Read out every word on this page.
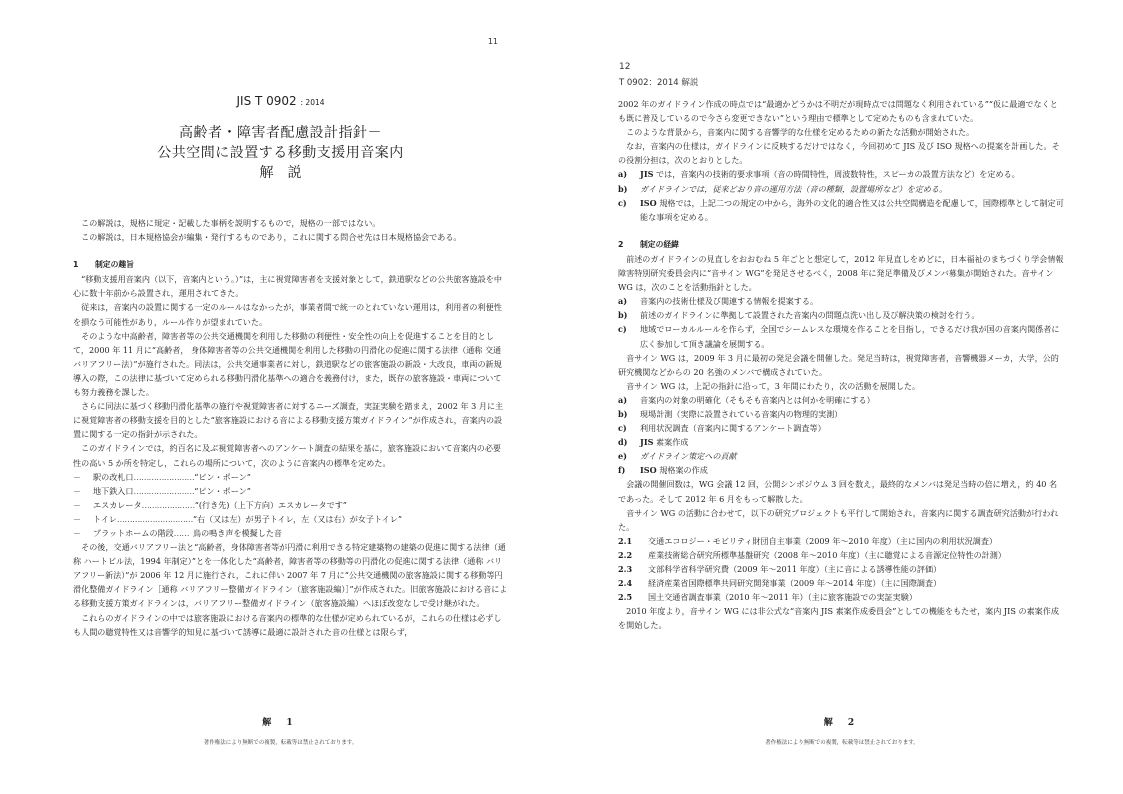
11
JIS T 0902 : 2014
高齢者・障害者配慮設計指針－
公共空間に設置する移動支援用音案内
解説

この解説は，規格に規定・記載した事柄を説明するもので，規格の一部ではない。

この解説は，日本規格協会が編集・発行するものであり，これに関する問合せ先は日本規格協会である。

1 制定の趣旨

“移動支援用音案内（以下，音案内という。）”は，主に視覚障害者を支援対象として，鉄道駅などの公共旅客施設を中心に数十年前から設置され，運用されてきた。

従来は，音案内の設置に関する一定のルールはなかったが，事業者間で統一のとれていない運用は，利用者の利便性を損なう可能性があり，ルール作りが望まれていた。

そのような中高齢者，障害者等の公共交通機関を利用した移動の利便性・安全性の向上を促進することを目的として，2000 年 11 月に“高齢者， 身体障害者等の公共交通機関を利用した移動の円滑化の促進に関する法律（通称 交通バリアフリー法）”が施行された。同法は，公共交通事業者に対し，鉄道駅などの旅客施設の新設・大改良，車両の新規導入の際，この法律に基づいて定められる移動円滑化基準への適合を義務付け，また，既存の旅客施設・車両についても努力義務を課した。

さらに同法に基づく移動円滑化基準の施行や視覚障害者に対するニーズ調査，実証実験を踏まえ，2002 年 3 月に主に視覚障害者の移動支援を目的とした“旅客施設における音による移動支援方策ガイドライン”が作成され，音案内の設置に関する一定の指針が示された。

このガイドラインでは，約百名に及ぶ視覚障害者へのアンケート調査の結果を基に，旅客施設において音案内の必要性の高い 5 か所を特定し，これらの場所について，次のように音案内の標準を定めた。

－	駅の改札口 …………………… “ピン・ポーン”
－	地下鉄入口 …………………… “ピン・ポーン”
－	エスカレータ ………………… “(行き先)（上下方向）エスカレータです”
－	トイレ ………………………… “右（又は左）が男子トイレ，左（又は右）が女子トイレ”
－	プラットホームの階段 …… 鳥の鳴き声を模擬した音

その後，交通バリアフリー法と“高齢者，身体障害者等が円滑に利用できる特定建築物の建築の促進に関する法律（通称 ハートビル法，1994 年制定）”とを一体化した“高齢者，障害者等の移動等の円滑化の促進に関する法律（通称 バリアフリー新法）”が 2006 年 12 月に施行され，これに伴い 2007 年 7 月に“公共交通機関の旅客施設に関する移動等円滑化整備ガイドライン［通称 バリアフリー整備ガイドライン（旅客施設編）］”が作成された。旧旅客施設における音による移動支援方策ガイドラインは，バリアフリー整備ガイドライン（旅客施設編）へほぼ改変なしで受け継がれた。

これらのガイドラインの中では旅客施設における音案内の標準的な仕様が定められているが，これらの仕様は必ずしも人間の聴覚特性又は音響学的知見に基づいて誘導に最適に設計された音の仕様とは限らず，

解 1
著作権法により無断での複製，転載等は禁止されております。
12
T 0902：2014 解説

2002 年のガイドライン作成の時点では“最適かどうかは不明だが現時点では問題なく利用されている”“仮に最適でなくとも既に普及しているので今さら変更できない”という理由で標準として定めたものも含まれていた。

このような背景から，音案内に関する音響学的な仕様を定めるための新たな活動が開始された。

なお，音案内の仕様は，ガイドラインに反映するだけではなく，今回初めて JIS 及び ISO 規格への提案を計画した。その役割分担は，次のとおりとした。

a)	JIS では，音案内の技術的要求事項（音の時間特性，周波数特性，スピーカの設置方法など）を定める。
b)	ガイドラインでは，従来どおり音の運用方法（音の種類，設置場所など）を定める。
c)	ISO 規格では，上記二つの規定の中から，海外の文化的適合性又は公共空間構造を配慮して，国際標準として制定可能な事項を定める。

2 制定の経緯

前述のガイドラインの見直しをおおむね 5 年ごとと想定して，2012 年見直しをめどに，日本福祉のまちづくり学会情報障害特別研究委員会内に“音サイン WG”を発足させるべく，2008 年に発足準備及びメンバ募集が開始された。音サイン WG は，次のことを活動指針とした。

a)	音案内の技術仕様及び関連する情報を提案する。
b)	前述のガイドラインに準拠して設置された音案内の問題点洗い出し及び解決策の検討を行う。
c)	地域でローカルルールを作らず，全国でシームレスな環境を作ることを目指し，できるだけ我が国の音案内関係者に広く参加して頂き議論を展開する。

音サイン WG は，2009 年 3 月に最初の発足会議を開催した。発足当時は，視覚障害者，音響機器メーカ，大学，公的研究機関などからの 20 名強のメンバで構成されていた。

音サイン WG は，上記の指針に沿って，3 年間にわたり，次の活動を展開した。

a)	音案内の対象の明確化（そもそも音案内とは何かを明確にする）
b)	現場計測（実際に設置されている音案内の物理的実測）
c)	利用状況調査（音案内に関するアンケート調査等）
d)	JIS 素案作成
e)	ガイドライン策定への貢献
f)	ISO 規格案の作成

会議の開催回数は，WG 会議 12 回，公開シンポジウム 3 回を数え，最終的なメンバは発足当時の倍に増え，約 40 名であった。そして 2012 年 6 月をもって解散した。

音サイン WG の活動に合わせて，以下の研究プロジェクトも平行して開始され，音案内に関する調査研究活動が行われた。

2.1	交通エコロジー・モビリティ財団自主事業（2009 年～2010 年度）（主に国内の利用状況調査）
2.2	産業技術総合研究所標準基盤研究（2008 年～2010 年度）（主に聴覚による音源定位特性の計測）
2.3	文部科学省科学研究費（2009 年～2011 年度）（主に音による誘導性能の評価）
2.4	経済産業省国際標準共同研究開発事業（2009 年～2014 年度）（主に国際調査）
2.5	国土交通省調査事業（2010 年～2011 年）（主に旅客施設での実証実験）

2010 年度より，音サイン WG には非公式な“音案内 JIS 素案作成委員会”としての機能をもたせ，案内 JIS の素案作成を開始した。

解 2
著作権法により無断での複製，転載等は禁止されております。
